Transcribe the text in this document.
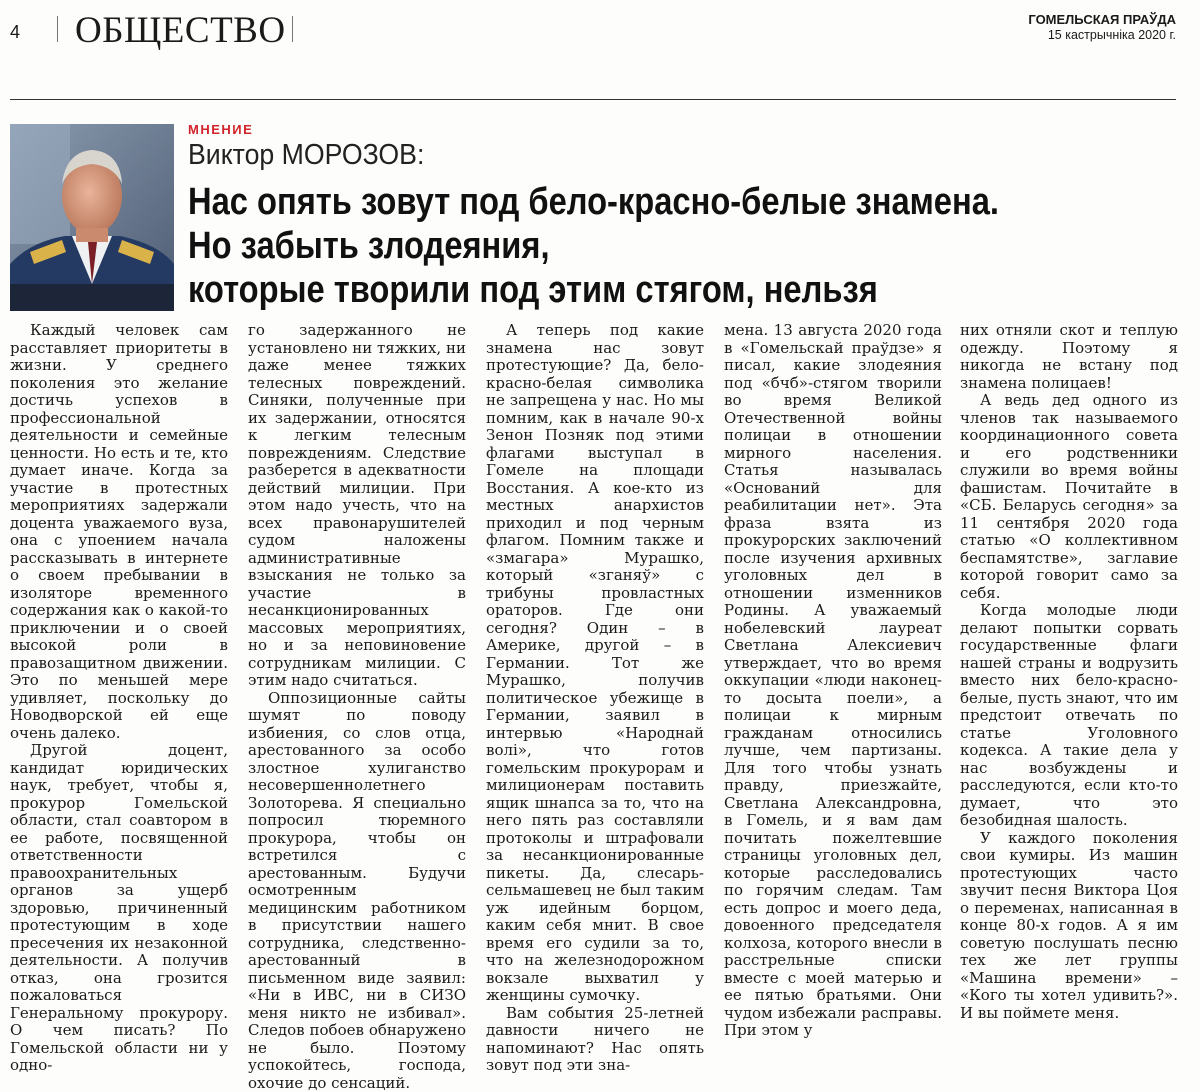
4 ОБЩЕСТВО	ГОМЕЛЬСКАЯ ПРАЎДА
15 кастрычніка 2020 г.
МНЕНИЕ
Виктор МОРОЗОВ:
Нас опять зовут под бело-красно-белые знамена.
Но забыть злодеяния,
которые творили под этим стягом, нельзя

Каждый человек сам расставляет приоритеты в жизни. У среднего поколения это желание достичь успехов в профессиональной деятельности и семейные ценности. Но есть и те, кто думает иначе. Когда за участие в протестных мероприятиях задержали доцента уважаемого вуза, она с упоением начала рассказывать в интернете о своем пребывании в изоляторе временного содержания как о какой-то приключении и о своей высокой роли в правозащитном движении. Это по меньшей мере удивляет, поскольку до Новодворской ей еще очень далеко.

Другой доцент, кандидат юридических наук, требует, чтобы я, прокурор Гомельской области, стал соавтором в ее работе, посвященной ответственности правоохранительных органов за ущерб здоровью, причиненный протестующим в ходе пресечения их незаконной деятельности. А получив отказ, она грозится пожаловаться Генеральному прокурору. О чем писать? По Гомельской области ни у одно-

го задержанного не установлено ни тяжких, ни даже менее тяжких телесных повреждений. Синяки, полученные при их задержании, относятся к легким телесным повреждениям. Следствие разберется в адекватности действий милиции. При этом надо учесть, что на всех правонарушителей судом наложены административные взыскания не только за участие в несанкционированных массовых мероприятиях, но и за неповиновение сотрудникам милиции. С этим надо считаться.

Оппозиционные сайты шумят по поводу избиения, со слов отца, арестованного за особо злостное хулиганство несовершеннолетнего Золоторева. Я специально попросил тюремного прокурора, чтобы он встретился с арестованным. Будучи осмотренным медицинским работником в присутствии нашего сотрудника, следственно-арестованный в письменном виде заявил: «Ни в ИВС, ни в СИЗО меня никто не избивал». Следов побоев обнаружено не было. Поэтому успокойтесь, господа, охочие до сенсаций.

А теперь под какие знамена нас зовут протестующие? Да, бело-красно-белая символика не запрещена у нас. Но мы помним, как в начале 90-х Зенон Позняк под этими флагами выступал в Гомеле на площади Восстания. А кое-кто из местных анархистов приходил и под черным флагом. Помним также и «змагара» Мурашко, который «зганяў» с трибуны провластных ораторов. Где они сегодня? Один – в Америке, другой – в Германии. Тот же Мурашко, получив политическое убежище в Германии, заявил в интервью «Народнай волі», что готов гомельским прокурорам и милиционерам поставить ящик шнапса за то, что на него пять раз составляли протоколы и штрафовали за несанкционированные пикеты. Да, слесарь-сельмашевец не был таким уж идейным борцом, каким себя мнит. В свое время его судили за то, что на железнодорожном вокзале выхватил у женщины сумочку.

Вам события 25-летней давности ничего не напоминают? Нас опять зовут под эти зна-

мена. 13 августа 2020 года в «Гомельскай праўдзе» я писал, какие злодеяния под «бчб»-стягом творили во время Великой Отечественной войны полицаи в отношении мирного населения. Статья называлась «Оснований для реабилитации нет». Эта фраза взята из прокурорских заключений после изучения архивных уголовных дел в отношении изменников Родины. А уважаемый нобелевский лауреат Светлана Алексиевич утверждает, что во время оккупации «люди наконец-то досыта поели», а полицаи к мирным гражданам относились лучше, чем партизаны. Для того чтобы узнать правду, приезжайте, Светлана Александровна, в Гомель, и я вам дам почитать пожелтевшие страницы уголовных дел, которые расследовались по горячим следам. Там есть допрос и моего деда, довоенного председателя колхоза, которого внесли в расстрельные списки вместе с моей матерью и ее пятью братьями. Они чудом избежали расправы. При этом у

них отняли скот и теплую одежду. Поэтому я никогда не встану под знамена полицаев!

А ведь дед одного из членов так называемого координационного совета и его родственники служили во время войны фашистам. Почитайте в «СБ. Беларусь сегодня» за 11 сентября 2020 года статью «О коллективном беспамятстве», заглавие которой говорит само за себя.

Когда молодые люди делают попытки сорвать государственные флаги нашей страны и водрузить вместо них бело-красно-белые, пусть знают, что им предстоит отвечать по статье Уголовного кодекса. А такие дела у нас возбуждены и расследуются, если кто-то думает, что это безобидная шалость.

У каждого поколения свои кумиры. Из машин протестующих часто звучит песня Виктора Цоя о переменах, написанная в конце 80-х годов. А я им советую послушать песню тех же лет группы «Машина времени» – «Кого ты хотел удивить?». И вы поймете меня.
